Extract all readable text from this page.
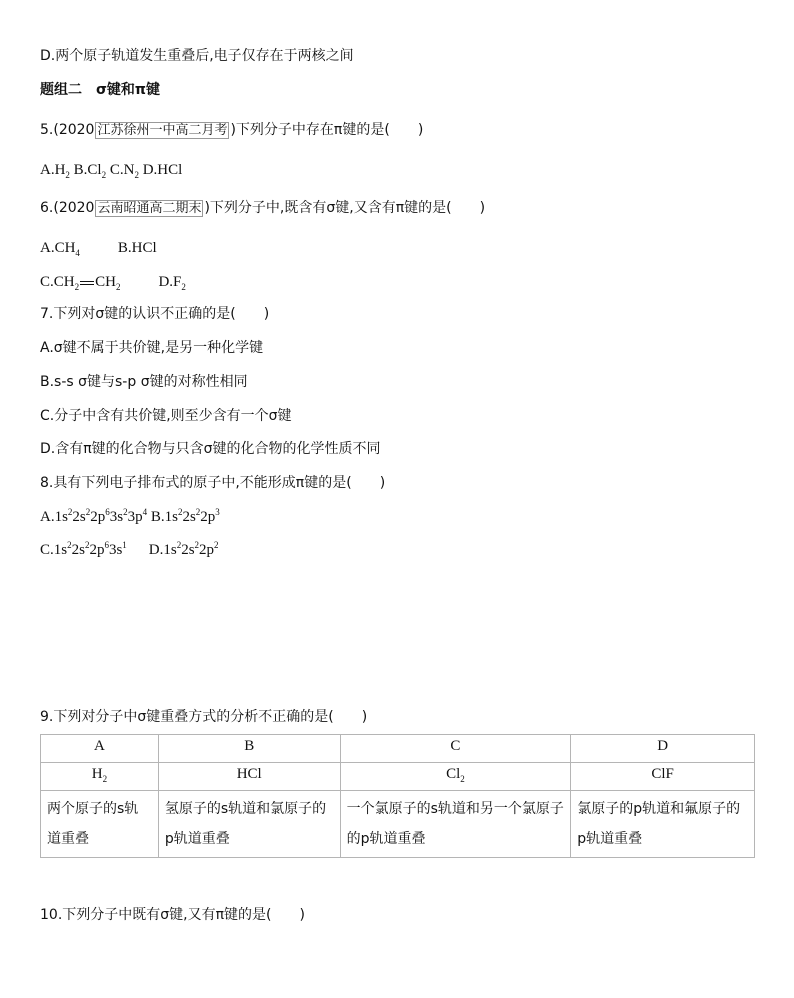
D.两个原子轨道发生重叠后,电子仅存在于两核之间
题组二　σ键和π键
5.(2020 江苏徐州一中高二月考 )下列分子中存在π键的是(　　)
$A.H_2$ $B.Cl_2$ $C.N_2$ D.HCl
6.(2020 云南昭通高二期末 )下列分子中,既含有σ键,又含有π键的是(　　)
$A.CH_4$	B.HCl
$C.CH_2$ $CH_2$	$D.F_2$
7.下列对σ键的认识不正确的是(　　)
A.σ键不属于共价键,是另一种化学键
B.s-s σ键与s-p σ键的对称性相同
C.分子中含有共价键,则至少含有一个σ键
D.含有π键的化合物与只含σ键的化合物的化学性质不同
8.具有下列电子排布式的原子中,不能形成π键的是(　　)
$A.1s^22s^22p^63s^23p^4$ $B.1s^22s^22p^3$
$C.1s^22s^22p^63s^1$ $D.1s^22s^22p^2$
9.下列对分子中σ键重叠方式的分析不正确的是(　　)
A	B	C	D
$H_2$	HCl	$Cl_2$	ClF
两个原子的s轨道重叠	氢原子的s轨道和氯原子的p轨道重叠	一个氯原子的s轨道和另一个氯原子的p轨道重叠	氯原子的p轨道和氟原子的p轨道重叠
10.下列分子中既有σ键,又有π键的是(　　)
